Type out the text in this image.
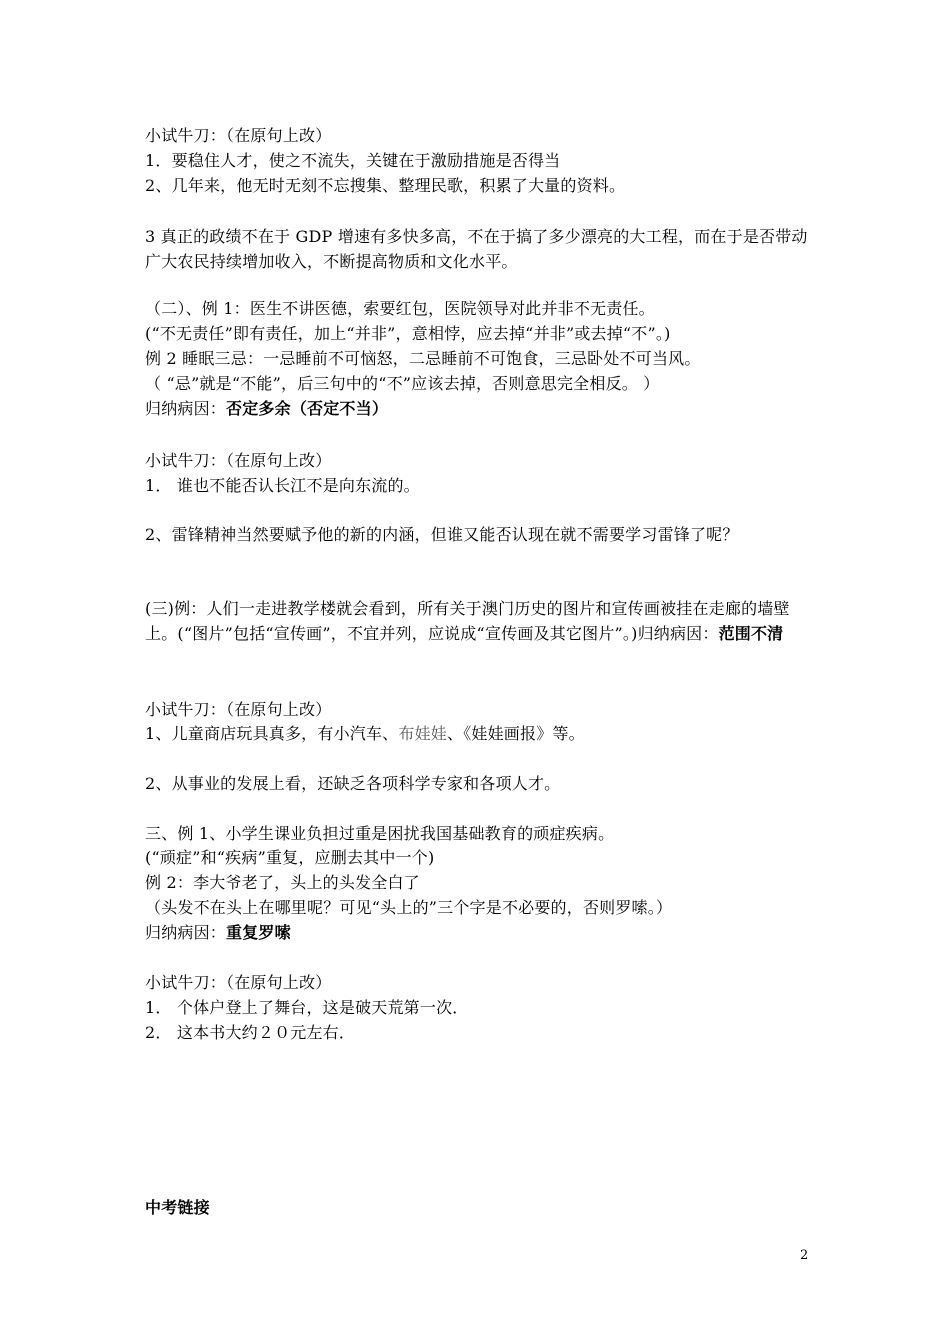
小试牛刀：（在原句上改）
1．要稳住人才，使之不流失，关键在于激励措施是否得当
2、几年来，他无时无刻不忘搜集、整理民歌，积累了大量的资料。
3 真正的政绩不在于 GDP 增速有多快多高，不在于搞了多少漂亮的大工程，而在于是否带动广大农民持续增加收入，不断提高物质和文化水平。
（二）、例 1：医生不讲医德，索要红包，医院领导对此并非不无责任。
(“不无责任”即有责任，加上“并非”，意相悖，应去掉“并非”或去掉“不”。)
例 2 睡眠三忌：一忌睡前不可恼怒，二忌睡前不可饱食，三忌卧处不可当风。
（ “忌”就是“不能”，后三句中的“不”应该去掉，否则意思完全相反。 ）
归纳病因：否定多余（否定不当）
小试牛刀：（在原句上改）
1． 谁也不能否认长江不是向东流的。
2、雷锋精神当然要赋予他的新的内涵，但谁又能否认现在就不需要学习雷锋了呢？
(三)例：人们一走进教学楼就会看到，所有关于澳门历史的图片和宣传画被挂在走廊的墙壁上。(“图片”包括“宣传画”，不宜并列，应说成“宣传画及其它图片”。)归纳病因：范围不清
小试牛刀：（在原句上改）
1、儿童商店玩具真多，有小汽车、布娃娃、《娃娃画报》等。
2、从事业的发展上看，还缺乏各项科学专家和各项人才。
三、例 1、小学生课业负担过重是困扰我国基础教育的顽症疾病。
(“顽症”和“疾病”重复，应删去其中一个)
例 2：李大爷老了，头上的头发全白了
（头发不在头上在哪里呢？可见“头上的”三个字是不必要的，否则罗嗦。）
归纳病因：重复罗嗦
小试牛刀：（在原句上改）
1． 个体户登上了舞台，这是破天荒第一次．
2． 这本书大约２０元左右．
中考链接
2
